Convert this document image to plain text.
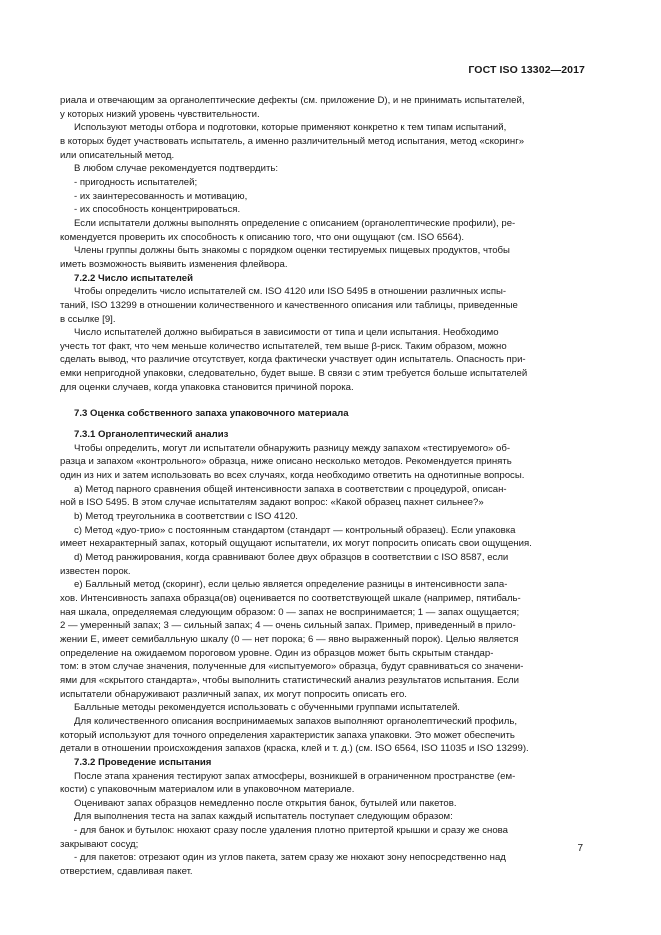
ГОСТ ISO 13302—2017

риала и отвечающим за органолептические дефекты (см. приложение D), и не принимать испытателей,

у которых низкий уровень чувствительности.

Используют методы отбора и подготовки, которые применяют конкретно к тем типам испытаний,

в которых будет участвовать испытатель, а именно различительный метод испытания, метод «скоринг»

или описательный метод.

В любом случае рекомендуется подтвердить:

- пригодность испытателей;

- их заинтересованность и мотивацию,

- их способность концентрироваться.

Если испытатели должны выполнять определение с описанием (органолептические профили), ре-

комендуется проверить их способность к описанию того, что они ощущают (см. ISO 6564).

Члены группы должны быть знакомы с порядком оценки тестируемых пищевых продуктов, чтобы

иметь возможность выявить изменения флейвора.

7.2.2 Число испытателей

Чтобы определить число испытателей см. ISO 4120 или ISO 5495 в отношении различных испы-

таний, ISO 13299 в отношении количественного и качественного описания или таблицы, приведенные

в ссылке [9].

Число испытателей должно выбираться в зависимости от типа и цели испытания. Необходимо

учесть тот факт, что чем меньше количество испытателей, тем выше β-риск. Таким образом, можно

сделать вывод, что различие отсутствует, когда фактически участвует один испытатель. Опасность при-

емки непригодной упаковки, следовательно, будет выше. В связи с этим требуется больше испытателей

для оценки случаев, когда упаковка становится причиной порока.

7.3 Оценка собственного запаха упаковочного материала

7.3.1 Органолептический анализ

Чтобы определить, могут ли испытатели обнаружить разницу между запахом «тестируемого» об-

разца и запахом «контрольного» образца, ниже описано несколько методов. Рекомендуется принять

один из них и затем использовать во всех случаях, когда необходимо ответить на однотипные вопросы.

а) Метод парного сравнения общей интенсивности запаха в соответствии с процедурой, описан-

ной в ISO 5495. В этом случае испытателям задают вопрос: «Какой образец пахнет сильнее?»

b) Метод треугольника в соответствии с ISO 4120.

с) Метод «дуо-трио» с постоянным стандартом (стандарт — контрольный образец). Если упаковка

имеет нехарактерный запах, который ощущают испытатели, их могут попросить описать свои ощущения.

d) Метод ранжирования, когда сравнивают более двух образцов в соответствии с ISO 8587, если

известен порок.

е) Балльный метод (скоринг), если целью является определение разницы в интенсивности запа-

хов. Интенсивность запаха образца(ов) оценивается по соответствующей шкале (например, пятибаль-

ная шкала, определяемая следующим образом: 0 — запах не воспринимается; 1 — запах ощущается;

2 — умеренный запах; 3 — сильный запах; 4 — очень сильный запах. Пример, приведенный в прило-

жении Е, имеет семибалльную шкалу (0 — нет порока; 6 — явно выраженный порок). Целью является

определение на ожидаемом пороговом уровне. Один из образцов может быть скрытым стандар-

том: в этом случае значения, полученные для «испытуемого» образца, будут сравниваться со значени-

ями для «скрытого стандарта», чтобы выполнить статистический анализ результатов испытания. Если

испытатели обнаруживают различный запах, их могут попросить описать его.

Балльные методы рекомендуется использовать с обученными группами испытателей.

Для количественного описания воспринимаемых запахов выполняют органолептический профиль,

который используют для точного определения характеристик запаха упаковки. Это может обеспечить

детали в отношении происхождения запахов (краска, клей и т. д.) (см. ISO 6564, ISO 11035 и ISO 13299).

7.3.2 Проведение испытания

После этапа хранения тестируют запах атмосферы, возникшей в ограниченном пространстве (ем-

кости) с упаковочным материалом или в упаковочном материале.

Оценивают запах образцов немедленно после открытия банок, бутылей или пакетов.

Для выполнения теста на запах каждый испытатель поступает следующим образом:

- для банок и бутылок: нюхают сразу после удаления плотно притертой крышки и сразу же снова

закрывают сосуд;

- для пакетов: отрезают один из углов пакета, затем сразу же нюхают зону непосредственно над

отверстием, сдавливая пакет.

7
